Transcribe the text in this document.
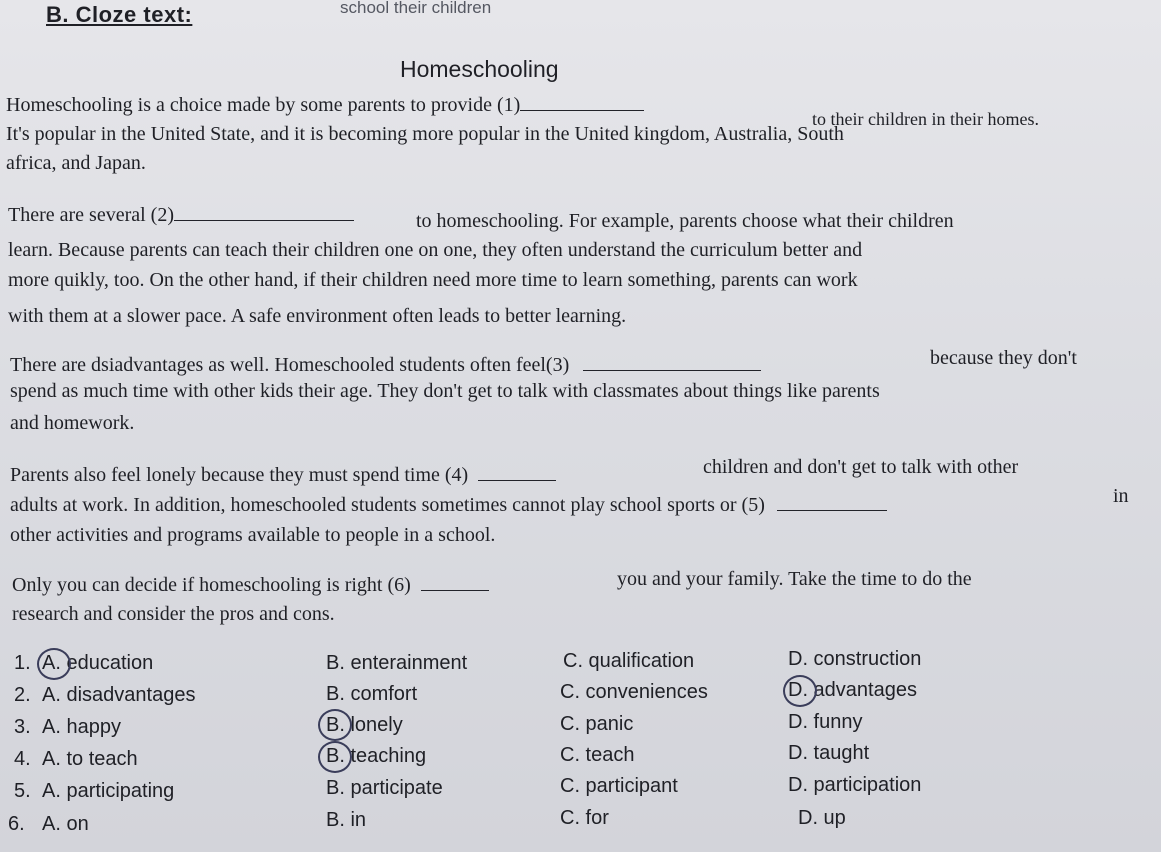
school their children
B. Cloze text:
Homeschooling
Homeschooling is a choice made by some parents to provide (1)
to their children in their homes.
It's popular in the United State, and it is becoming more popular in the United kingdom, Australia, South
africa, and Japan.
There are several (2)	to homeschooling. For example, parents choose what their children
learn. Because parents can teach their children one on one, they often understand the curriculum better and
more quikly, too. On the other hand, if their children need more time to learn something, parents can work
with them at a slower pace. A safe environment often leads to better learning.
There are dsiadvantages as well. Homeschooled students often feel(3)	because they don't
spend as much time with other kids their age. They don't get to talk with classmates about things like parents
and homework.
Parents also feel lonely because they must spend time (4)	children and don't get to talk with other
adults at work. In addition, homeschooled students sometimes cannot play school sports or (5)	in
other activities and programs available to people in a school.
Only you can decide if homeschooling is right (6)	you and your family. Take the time to do the
research and consider the pros and cons.
1. A. education	B. enterainment	C. qualification	D. construction
2. A. disadvantages	B. comfort	C. conveniences	D. advantages
3. A. happy	B. lonely	C. panic	D. funny
4. A. to teach	B. teaching	C. teach	D. taught
5. A. participating	B. participate	C. participant	D. participation
6. A. on	B. in	C. for	D. up
